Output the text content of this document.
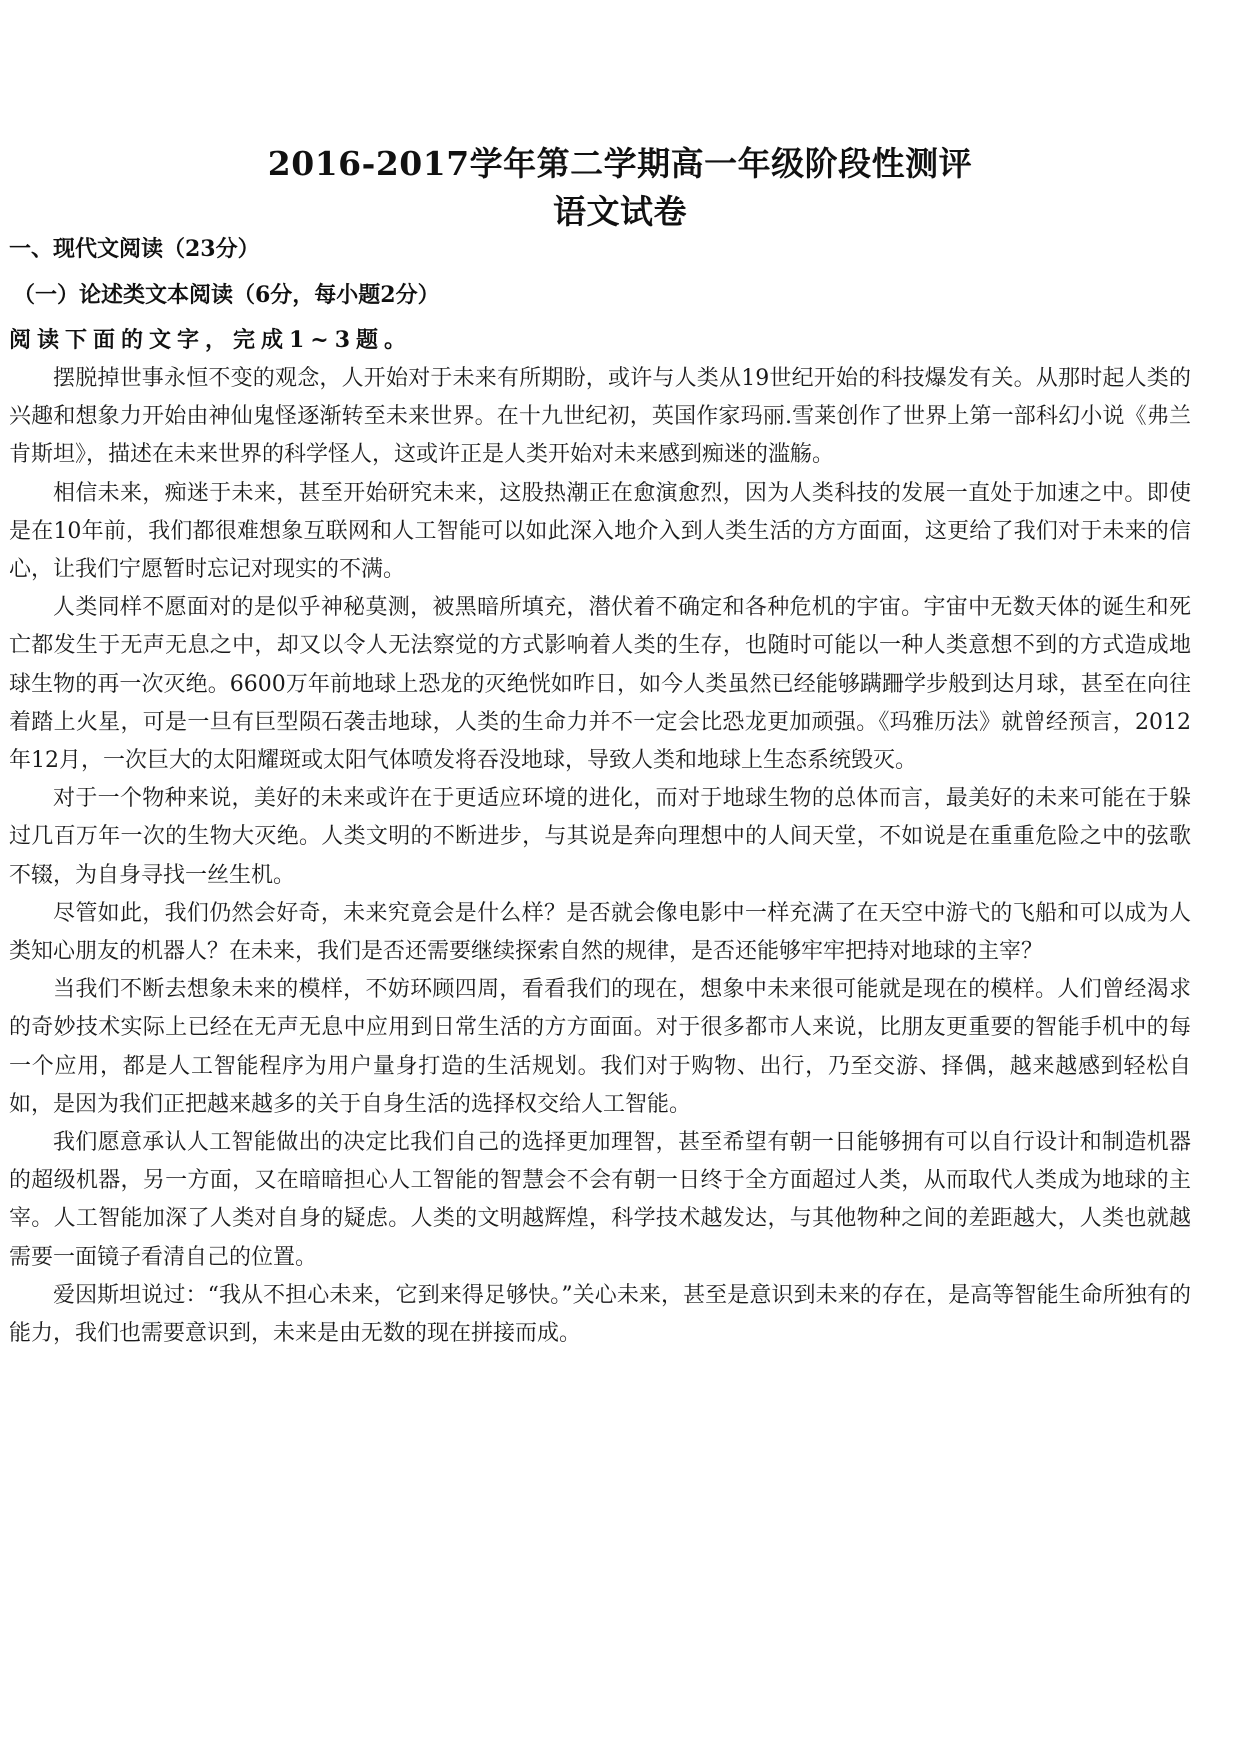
2016-2017学年第二学期高一年级阶段性测评
语文试卷
一、现代文阅读（23分）
（一）论述类文本阅读（6分，每小题2分）
阅读下面的文字，完成1~3题。

摆脱掉世事永恒不变的观念，人开始对于未来有所期盼，或许与人类从19世纪开始的科技爆发有关。从那时起人类的兴趣和想象力开始由神仙鬼怪逐渐转至未来世界。在十九世纪初，英国作家玛丽.雪莱创作了世界上第一部科幻小说《弗兰肯斯坦》，描述在未来世界的科学怪人，这或许正是人类开始对未来感到痴迷的滥觞。

相信未来，痴迷于未来，甚至开始研究未来，这股热潮正在愈演愈烈，因为人类科技的发展一直处于加速之中。即使是在10年前，我们都很难想象互联网和人工智能可以如此深入地介入到人类生活的方方面面，这更给了我们对于未来的信心，让我们宁愿暂时忘记对现实的不满。

人类同样不愿面对的是似乎神秘莫测，被黑暗所填充，潜伏着不确定和各种危机的宇宙。宇宙中无数天体的诞生和死亡都发生于无声无息之中，却又以令人无法察觉的方式影响着人类的生存，也随时可能以一种人类意想不到的方式造成地球生物的再一次灭绝。6600万年前地球上恐龙的灭绝恍如昨日，如今人类虽然已经能够蹒跚学步般到达月球，甚至在向往着踏上火星，可是一旦有巨型陨石袭击地球，人类的生命力并不一定会比恐龙更加顽强。《玛雅历法》就曾经预言，2012年12月，一次巨大的太阳耀斑或太阳气体喷发将吞没地球，导致人类和地球上生态系统毁灭。

对于一个物种来说，美好的未来或许在于更适应环境的进化，而对于地球生物的总体而言，最美好的未来可能在于躲过几百万年一次的生物大灭绝。人类文明的不断进步，与其说是奔向理想中的人间天堂，不如说是在重重危险之中的弦歌不辍，为自身寻找一丝生机。

尽管如此，我们仍然会好奇，未来究竟会是什么样？是否就会像电影中一样充满了在天空中游弋的飞船和可以成为人类知心朋友的机器人？在未来，我们是否还需要继续探索自然的规律，是否还能够牢牢把持对地球的主宰？

当我们不断去想象未来的模样，不妨环顾四周，看看我们的现在，想象中未来很可能就是现在的模样。人们曾经渴求的奇妙技术实际上已经在无声无息中应用到日常生活的方方面面。对于很多都市人来说，比朋友更重要的智能手机中的每一个应用，都是人工智能程序为用户量身打造的生活规划。我们对于购物、出行，乃至交游、择偶，越来越感到轻松自如，是因为我们正把越来越多的关于自身生活的选择权交给人工智能。

我们愿意承认人工智能做出的决定比我们自己的选择更加理智，甚至希望有朝一日能够拥有可以自行设计和制造机器的超级机器，另一方面，又在暗暗担心人工智能的智慧会不会有朝一日终于全方面超过人类，从而取代人类成为地球的主宰。人工智能加深了人类对自身的疑虑。人类的文明越辉煌，科学技术越发达，与其他物种之间的差距越大，人类也就越需要一面镜子看清自己的位置。

爱因斯坦说过：“我从不担心未来，它到来得足够快。”关心未来，甚至是意识到未来的存在，是高等智能生命所独有的能力，我们也需要意识到，未来是由无数的现在拼接而成。
